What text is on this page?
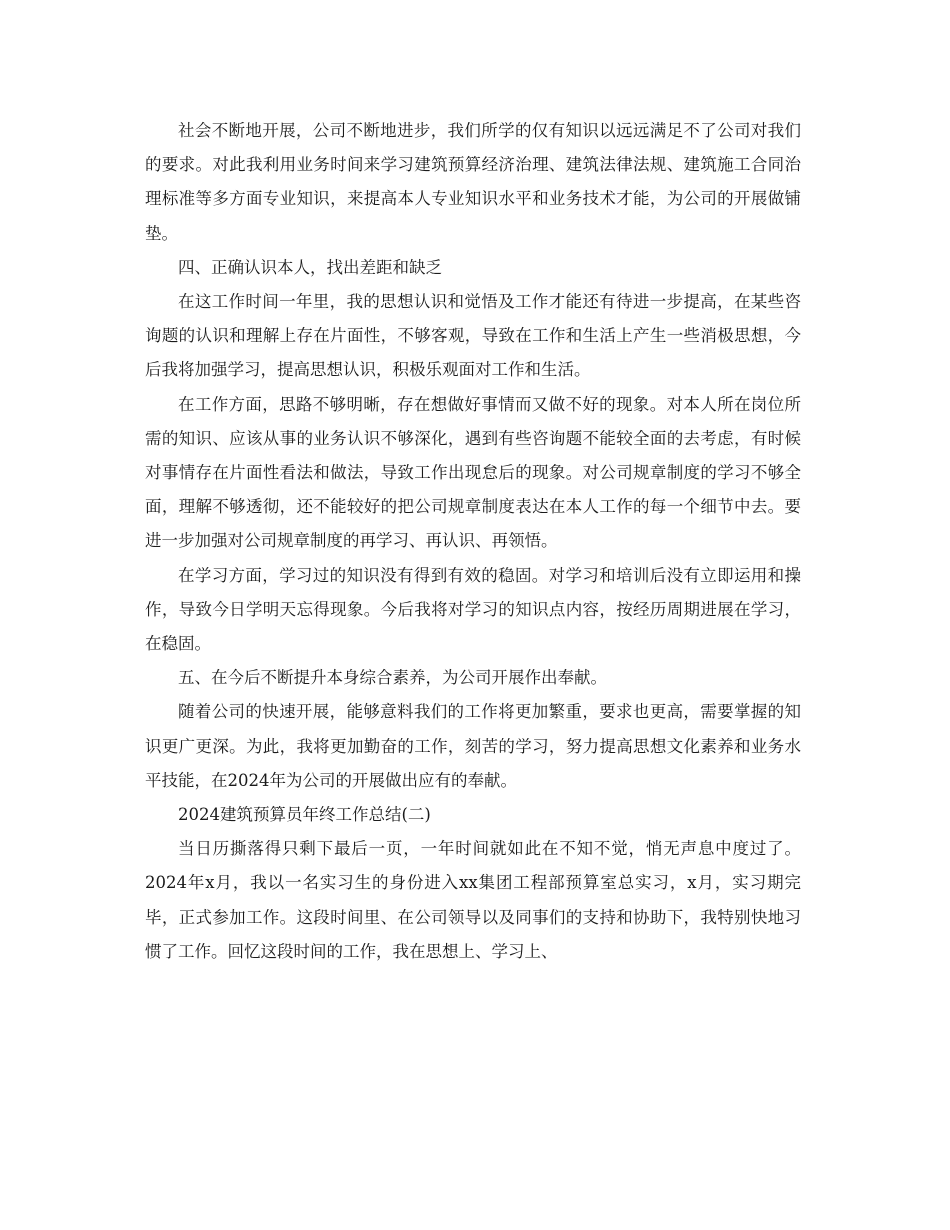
社会不断地开展，公司不断地进步，我们所学的仅有知识以远远满足不了公司对我们的要求。对此我利用业务时间来学习建筑预算经济治理、建筑法律法规、建筑施工合同治理标准等多方面专业知识，来提高本人专业知识水平和业务技术才能，为公司的开展做铺垫。

四、正确认识本人，找出差距和缺乏

在这工作时间一年里，我的思想认识和觉悟及工作才能还有待进一步提高，在某些咨询题的认识和理解上存在片面性，不够客观，导致在工作和生活上产生一些消极思想，今后我将加强学习，提高思想认识，积极乐观面对工作和生活。

在工作方面，思路不够明晰，存在想做好事情而又做不好的现象。对本人所在岗位所需的知识、应该从事的业务认识不够深化，遇到有些咨询题不能较全面的去考虑，有时候对事情存在片面性看法和做法，导致工作出现怠后的现象。对公司规章制度的学习不够全面，理解不够透彻，还不能较好的把公司规章制度表达在本人工作的每一个细节中去。要进一步加强对公司规章制度的再学习、再认识、再领悟。

在学习方面，学习过的知识没有得到有效的稳固。对学习和培训后没有立即运用和操作，导致今日学明天忘得现象。今后我将对学习的知识点内容，按经历周期进展在学习，在稳固。

五、在今后不断提升本身综合素养，为公司开展作出奉献。

随着公司的快速开展，能够意料我们的工作将更加繁重，要求也更高，需要掌握的知识更广更深。为此，我将更加勤奋的工作，刻苦的学习，努力提高思想文化素养和业务水平技能，在2024年为公司的开展做出应有的奉献。

2024建筑预算员年终工作总结(二)

当日历撕落得只剩下最后一页，一年时间就如此在不知不觉，悄无声息中度过了。2024年x月，我以一名实习生的身份进入xx集团工程部预算室总实习，x月，实习期完毕，正式参加工作。这段时间里、在公司领导以及同事们的支持和协助下，我特别快地习惯了工作。回忆这段时间的工作，我在思想上、学习上、
